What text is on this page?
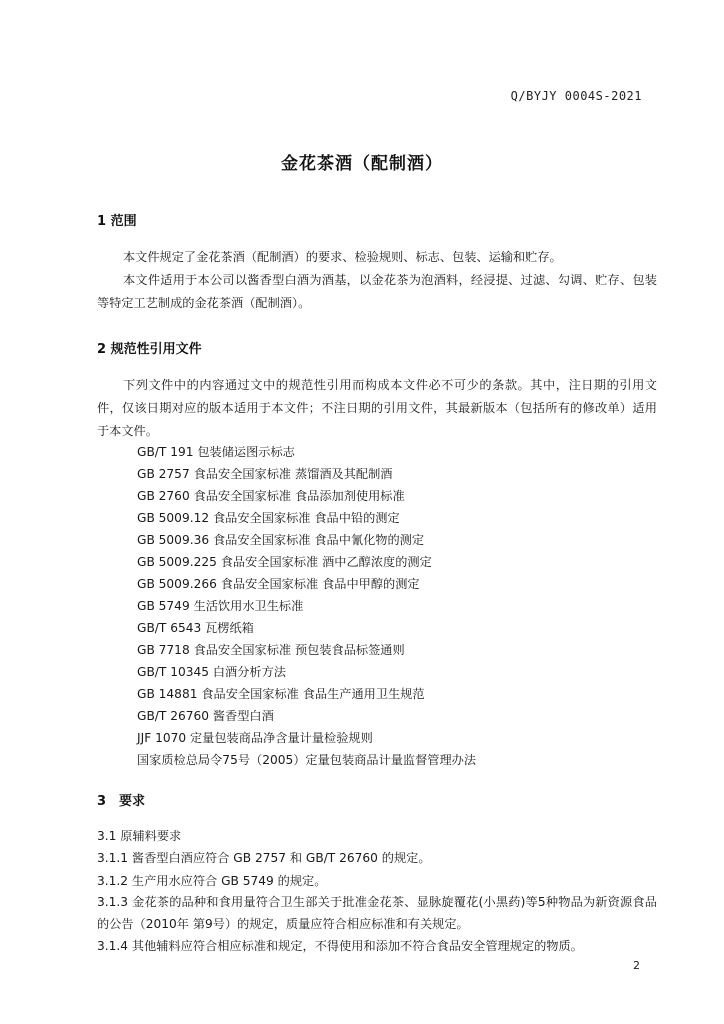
Q/BYJY 0004S-2021
金花茶酒（配制酒）
1 范围

本文件规定了金花茶酒（配制酒）的要求、检验规则、标志、包装、运输和贮存。

本文件适用于本公司以酱香型白酒为酒基，以金花茶为泡酒料，经浸提、过滤、勾调、贮存、包装等特定工艺制成的金花茶酒（配制酒）。

2 规范性引用文件

下列文件中的内容通过文中的规范性引用而构成本文件必不可少的条款。其中，注日期的引用文件，仅该日期对应的版本适用于本文件；不注日期的引用文件，其最新版本（包括所有的修改单）适用于本文件。

GB/T 191 包装储运图示标志
GB 2757 食品安全国家标准 蒸馏酒及其配制酒
GB 2760 食品安全国家标准 食品添加剂使用标准
GB 5009.12 食品安全国家标准 食品中铅的测定
GB 5009.36 食品安全国家标准 食品中氰化物的测定
GB 5009.225 食品安全国家标准 酒中乙醇浓度的测定
GB 5009.266 食品安全国家标准 食品中甲醇的测定
GB 5749 生活饮用水卫生标准
GB/T 6543 瓦楞纸箱
GB 7718 食品安全国家标准 预包装食品标签通则
GB/T 10345 白酒分析方法
GB 14881 食品安全国家标准 食品生产通用卫生规范
GB/T 26760 酱香型白酒
JJF 1070 定量包装商品净含量计量检验规则
国家质检总局令75号（2005）定量包装商品计量监督管理办法
3　要求
3.1 原辅料要求
3.1.1 酱香型白酒应符合 GB 2757 和 GB/T 26760 的规定。
3.1.2 生产用水应符合 GB 5749 的规定。

3.1.3 金花茶的品种和食用量符合卫生部关于批准金花茶、显脉旋覆花(小黑药)等5种物品为新资源食品的公告（2010年 第9号）的规定，质量应符合相应标准和有关规定。

3.1.4 其他辅料应符合相应标准和规定，不得使用和添加不符合食品安全管理规定的物质。
2
